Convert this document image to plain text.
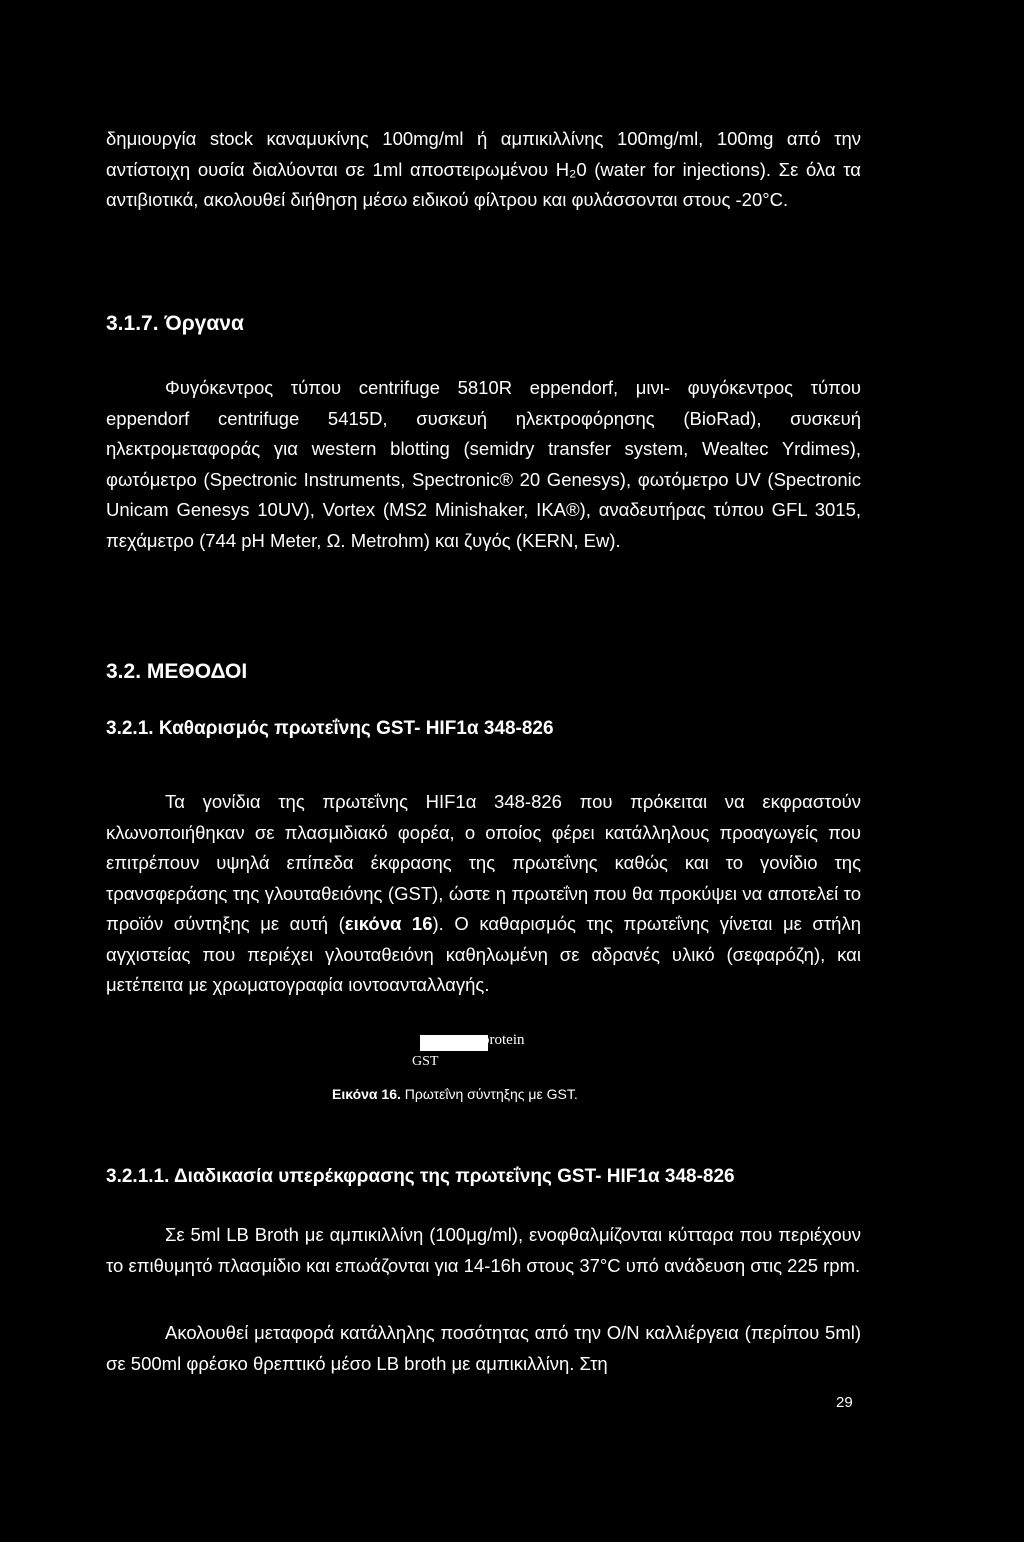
δημιουργία stock καναμυκίνης 100mg/ml ή αμπικιλλίνης 100mg/ml, 100mg από την αντίστοιχη ουσία διαλύονται σε 1ml αποστειρωμένου H₂0 (water for injections). Σε όλα τα αντιβιοτικά, ακολουθεί διήθηση μέσω ειδικού φίλτρου και φυλάσσονται στους -20°C.

3.1.7. Όργανα

Φυγόκεντρος τύπου centrifuge 5810R eppendorf, μινι- φυγόκεντρος τύπου eppendorf centrifuge 5415D, συσκευή ηλεκτροφόρησης (BioRad), συσκευή ηλεκτρομεταφοράς για western blotting (semidry transfer system, Wealtec Yrdimes), φωτόμετρο (Spectronic Instruments, Spectronic® 20 Genesys), φωτόμετρο UV (Spectronic Unicam Genesys 10UV), Vortex (MS2 Minishaker, IKA®), αναδευτήρας τύπου GFL 3015, πεχάμετρο (744 pH Meter, Ω. Metrohm) και ζυγός (KERN, Ew).

3.2. ΜΕΘΟΔΟΙ
3.2.1. Καθαρισμός πρωτεΐνης GST- HIF1α 348-826

Τα γονίδια της πρωτεΐνης HIF1α 348-826 που πρόκειται να εκφραστούν κλωνοποιήθηκαν σε πλασμιδιακό φορέα, ο οποίος φέρει κατάλληλους προαγωγείς που επιτρέπουν υψηλά επίπεδα έκφρασης της πρωτεΐνης καθώς και το γονίδιο της τρανσφεράσης της γλουταθειόνης (GST), ώστε η πρωτεΐνη που θα προκύψει να αποτελεί το προϊόν σύντηξης με αυτή (εικόνα 16). Ο καθαρισμός της πρωτεΐνης γίνεται με στήλη αγχιστείας που περιέχει γλουταθειόνη καθηλωμένη σε αδρανές υλικό (σεφαρόζη), και μετέπειτα με χρωματογραφία ιοντοανταλλαγής.

GST
protein
Εικόνα 16. Πρωτεΐνη σύντηξης με GST.
3.2.1.1. Διαδικασία υπερέκφρασης της πρωτεΐνης GST- HIF1α 348-826

Σε 5ml LB Broth με αμπικιλλίνη (100μg/ml), ενοφθαλμίζονται κύτταρα που περιέχουν το επιθυμητό πλασμίδιο και επωάζονται για 14-16h στους 37°C υπό ανάδευση στις 225 rpm.

Ακολουθεί μεταφορά κατάλληλης ποσότητας από την O/N καλλιέργεια (περίπου 5ml) σε 500ml φρέσκο θρεπτικό μέσο LB broth με αμπικιλλίνη. Στη

29
